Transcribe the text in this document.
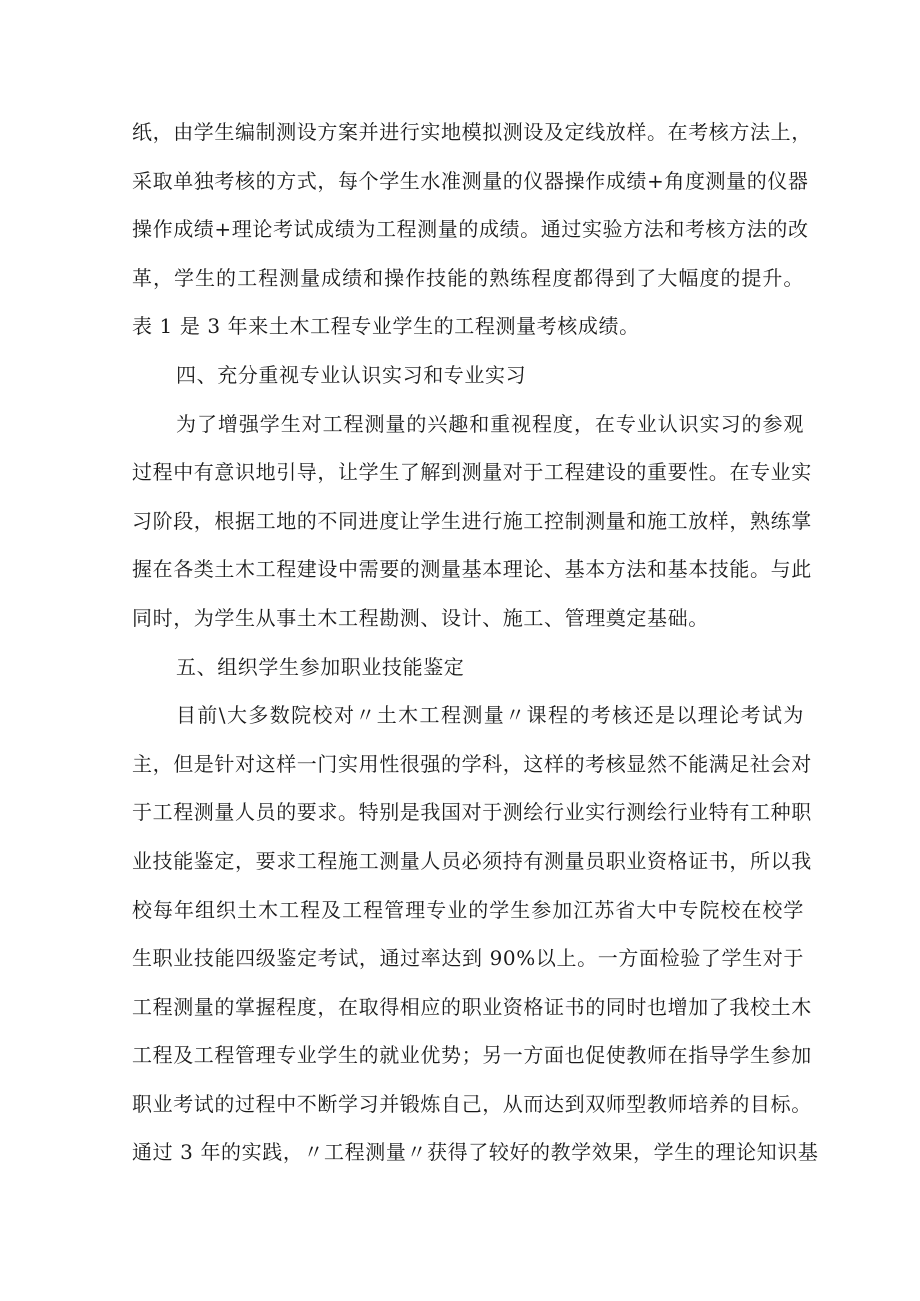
纸，由学生编制测设方案并进行实地模拟测设及定线放样。在考核方法上，
采取单独考核的方式，每个学生水准测量的仪器操作成绩+角度测量的仪器
操作成绩+理论考试成绩为工程测量的成绩。通过实验方法和考核方法的改
革，学生的工程测量成绩和操作技能的熟练程度都得到了大幅度的提升。
表 1 是 3 年来土木工程专业学生的工程测量考核成绩。
四、充分重视专业认识实习和专业实习
为了增强学生对工程测量的兴趣和重视程度，在专业认识实习的参观
过程中有意识地引导，让学生了解到测量对于工程建设的重要性。在专业实
习阶段，根据工地的不同进度让学生进行施工控制测量和施工放样，熟练掌
握在各类土木工程建设中需要的测量基本理论、基本方法和基本技能。与此
同时，为学生从事土木工程勘测、设计、施工、管理奠定基础。
五、组织学生参加职业技能鉴定
目前\大多数院校对〃土木工程测量〃课程的考核还是以理论考试为
主，但是针对这样一门实用性很强的学科，这样的考核显然不能满足社会对
于工程测量人员的要求。特别是我国对于测绘行业实行测绘行业特有工种职
业技能鉴定，要求工程施工测量人员必须持有测量员职业资格证书，所以我
校每年组织土木工程及工程管理专业的学生参加江苏省大中专院校在校学
生职业技能四级鉴定考试，通过率达到 90%以上。一方面检验了学生对于
工程测量的掌握程度，在取得相应的职业资格证书的同时也增加了我校土木
工程及工程管理专业学生的就业优势；另一方面也促使教师在指导学生参加
职业考试的过程中不断学习并锻炼自己，从而达到双师型教师培养的目标。
通过 3 年的实践，〃工程测量〃获得了较好的教学效果，学生的理论知识基
